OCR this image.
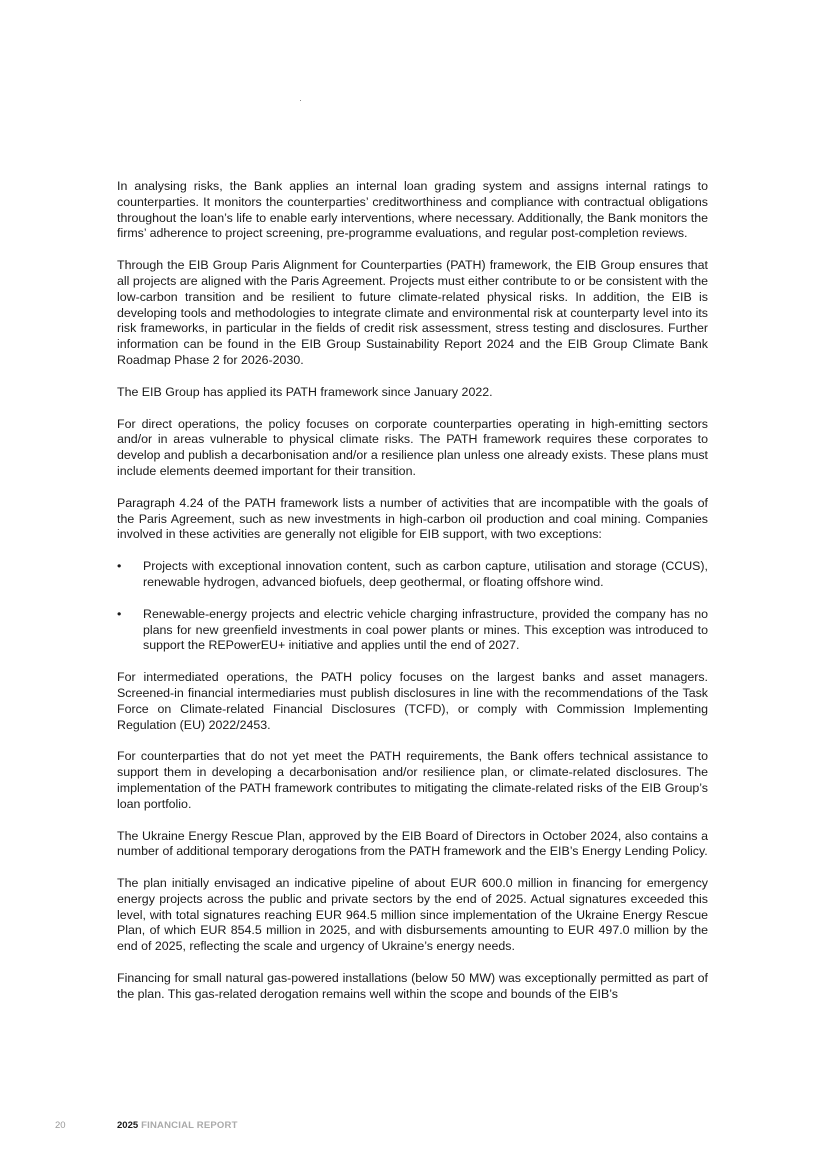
In analysing risks, the Bank applies an internal loan grading system and assigns internal ratings to counterparties. It monitors the counterparties’ creditworthiness and compliance with contractual obligations throughout the loan’s life to enable early interventions, where necessary. Additionally, the Bank monitors the firms’ adherence to project screening, pre-programme evaluations, and regular post-completion reviews.

Through the EIB Group Paris Alignment for Counterparties (PATH) framework, the EIB Group ensures that all projects are aligned with the Paris Agreement. Projects must either contribute to or be consistent with the low-carbon transition and be resilient to future climate-related physical risks. In addition, the EIB is developing tools and methodologies to integrate climate and environmental risk at counterparty level into its risk frameworks, in particular in the fields of credit risk assessment, stress testing and disclosures. Further information can be found in the EIB Group Sustainability Report 2024 and the EIB Group Climate Bank Roadmap Phase 2 for 2026-2030.

The EIB Group has applied its PATH framework since January 2022.

For direct operations, the policy focuses on corporate counterparties operating in high-emitting sectors and/or in areas vulnerable to physical climate risks. The PATH framework requires these corporates to develop and publish a decarbonisation and/or a resilience plan unless one already exists. These plans must include elements deemed important for their transition.

Paragraph 4.24 of the PATH framework lists a number of activities that are incompatible with the goals of the Paris Agreement, such as new investments in high-carbon oil production and coal mining. Companies involved in these activities are generally not eligible for EIB support, with two exceptions:

• Projects with exceptional innovation content, such as carbon capture, utilisation and storage (CCUS), renewable hydrogen, advanced biofuels, deep geothermal, or floating offshore wind.
• Renewable-energy projects and electric vehicle charging infrastructure, provided the company has no plans for new greenfield investments in coal power plants or mines. This exception was introduced to support the REPowerEU+ initiative and applies until the end of 2027.

For intermediated operations, the PATH policy focuses on the largest banks and asset managers. Screened-in financial intermediaries must publish disclosures in line with the recommendations of the Task Force on Climate-related Financial Disclosures (TCFD), or comply with Commission Implementing Regulation (EU) 2022/2453.

For counterparties that do not yet meet the PATH requirements, the Bank offers technical assistance to support them in developing a decarbonisation and/or resilience plan, or climate-related disclosures. The implementation of the PATH framework contributes to mitigating the climate-related risks of the EIB Group’s loan portfolio.

The Ukraine Energy Rescue Plan, approved by the EIB Board of Directors in October 2024, also contains a number of additional temporary derogations from the PATH framework and the EIB’s Energy Lending Policy.

The plan initially envisaged an indicative pipeline of about EUR 600.0 million in financing for emergency energy projects across the public and private sectors by the end of 2025. Actual signatures exceeded this level, with total signatures reaching EUR 964.5 million since implementation of the Ukraine Energy Rescue Plan, of which EUR 854.5 million in 2025, and with disbursements amounting to EUR 497.0 million by the end of 2025, reflecting the scale and urgency of Ukraine’s energy needs.

Financing for small natural gas-powered installations (below 50 MW) was exceptionally permitted as part of the plan. This gas-related derogation remains well within the scope and bounds of the EIB’s

20	2025 FINANCIAL REPORT
